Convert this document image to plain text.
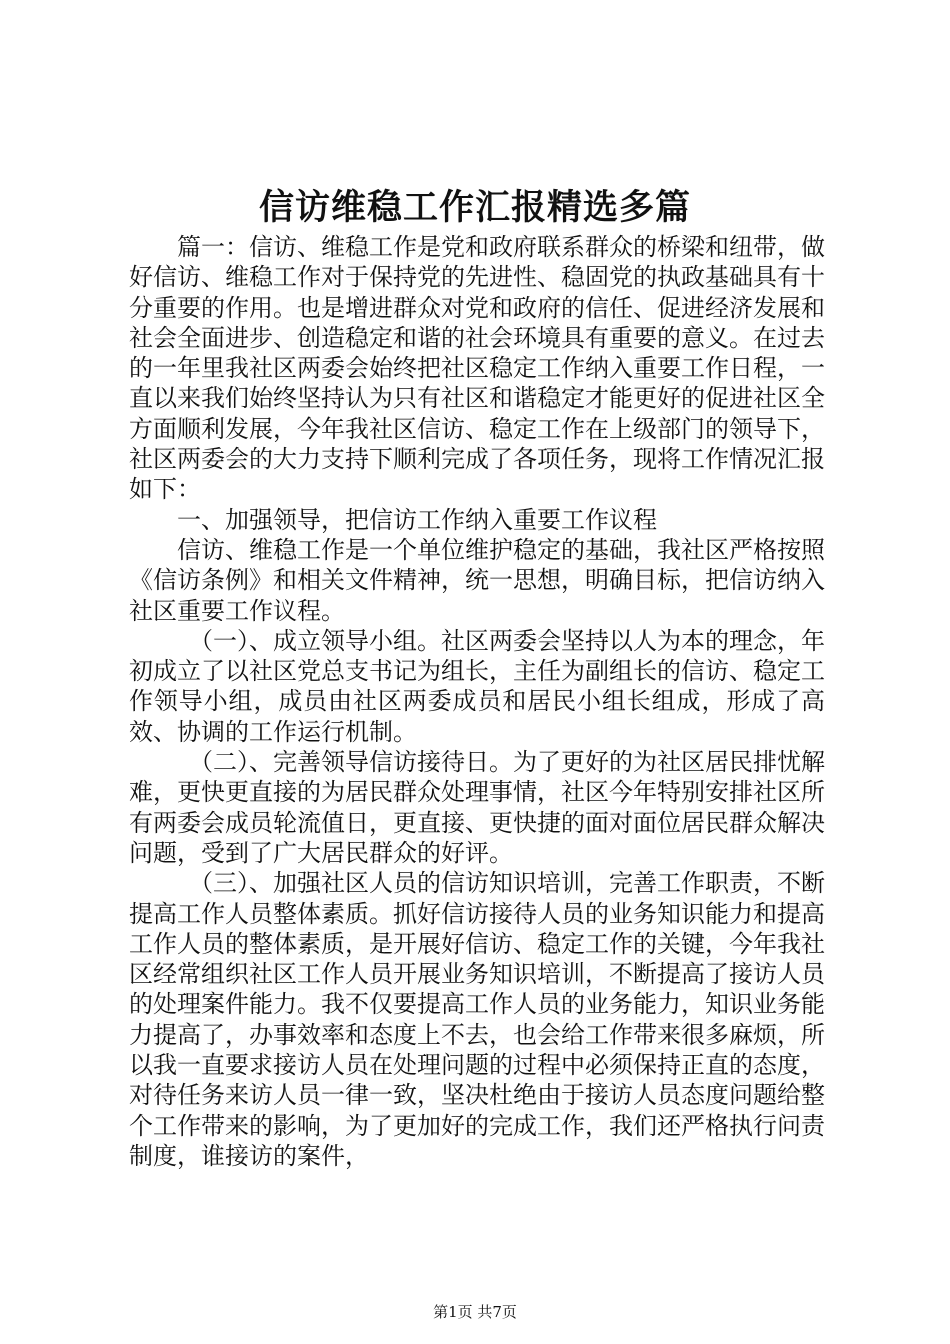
信访维稳工作汇报精选多篇

篇一：信访、维稳工作是党和政府联系群众的桥梁和纽带，做好信访、维稳工作对于保持党的先进性、稳固党的执政基础具有十分重要的作用。也是增进群众对党和政府的信任、促进经济发展和社会全面进步、创造稳定和谐的社会环境具有重要的意义。在过去的一年里我社区两委会始终把社区稳定工作纳入重要工作日程，一直以来我们始终坚持认为只有社区和谐稳定才能更好的促进社区全方面顺利发展，今年我社区信访、稳定工作在上级部门的领导下，社区两委会的大力支持下顺利完成了各项任务，现将工作情况汇报如下：

一、加强领导，把信访工作纳入重要工作议程

信访、维稳工作是一个单位维护稳定的基础，我社区严格按照《信访条例》和相关文件精神，统一思想，明确目标，把信访纳入社区重要工作议程。

（一）、成立领导小组。社区两委会坚持以人为本的理念，年初成立了以社区党总支书记为组长，主任为副组长的信访、稳定工作领导小组，成员由社区两委成员和居民小组长组成，形成了高效、协调的工作运行机制。

（二）、完善领导信访接待日。为了更好的为社区居民排忧解难，更快更直接的为居民群众处理事情，社区今年特别安排社区所有两委会成员轮流值日，更直接、更快捷的面对面位居民群众解决问题，受到了广大居民群众的好评。

（三）、加强社区人员的信访知识培训，完善工作职责，不断提高工作人员整体素质。抓好信访接待人员的业务知识能力和提高工作人员的整体素质，是开展好信访、稳定工作的关键，今年我社区经常组织社区工作人员开展业务知识培训，不断提高了接访人员的处理案件能力。我不仅要提高工作人员的业务能力，知识业务能力提高了，办事效率和态度上不去，也会给工作带来很多麻烦，所以我一直要求接访人员在处理问题的过程中必须保持正直的态度，对待任务来访人员一律一致，坚决杜绝由于接访人员态度问题给整个工作带来的影响，为了更加好的完成工作，我们还严格执行问责制度，谁接访的案件，

第1页 共7页
